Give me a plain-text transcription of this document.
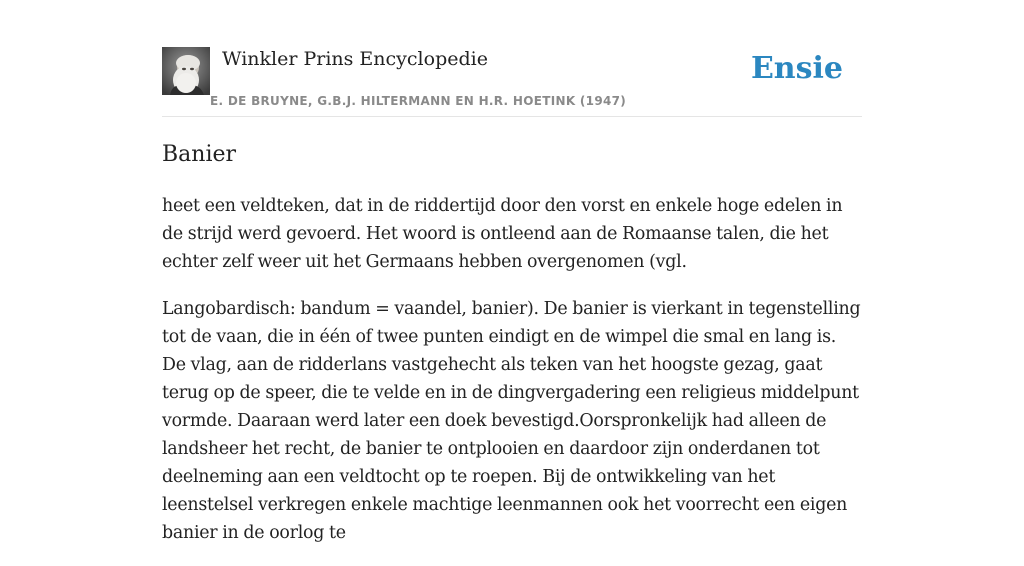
Winkler Prins Encyclopedie
E. DE BRUYNE, G.B.J. HILTERMANN EN H.R. HOETINK (1947)
Ensie
Banier

heet een veldteken, dat in de riddertijd door den vorst en enkele hoge edelen in de strijd werd gevoerd. Het woord is ontleend aan de Romaanse talen, die het echter zelf weer uit het Germaans hebben overgenomen (vgl.

Langobardisch: bandum = vaandel, banier). De banier is vierkant in tegenstelling tot de vaan, die in één of twee punten eindigt en de wimpel die smal en lang is. De vlag, aan de ridderlans vastgehecht als teken van het hoogste gezag, gaat terug op de speer, die te velde en in de dingvergadering een religieus middelpunt vormde. Daaraan werd later een doek bevestigd.Oorspronkelijk had alleen de landsheer het recht, de banier te ontplooien en daardoor zijn onderdanen tot deelneming aan een veldtocht op te roepen. Bij de ontwikkeling van het leenstelsel verkregen enkele machtige leenmannen ook het voorrecht een eigen banier in de oorlog te
